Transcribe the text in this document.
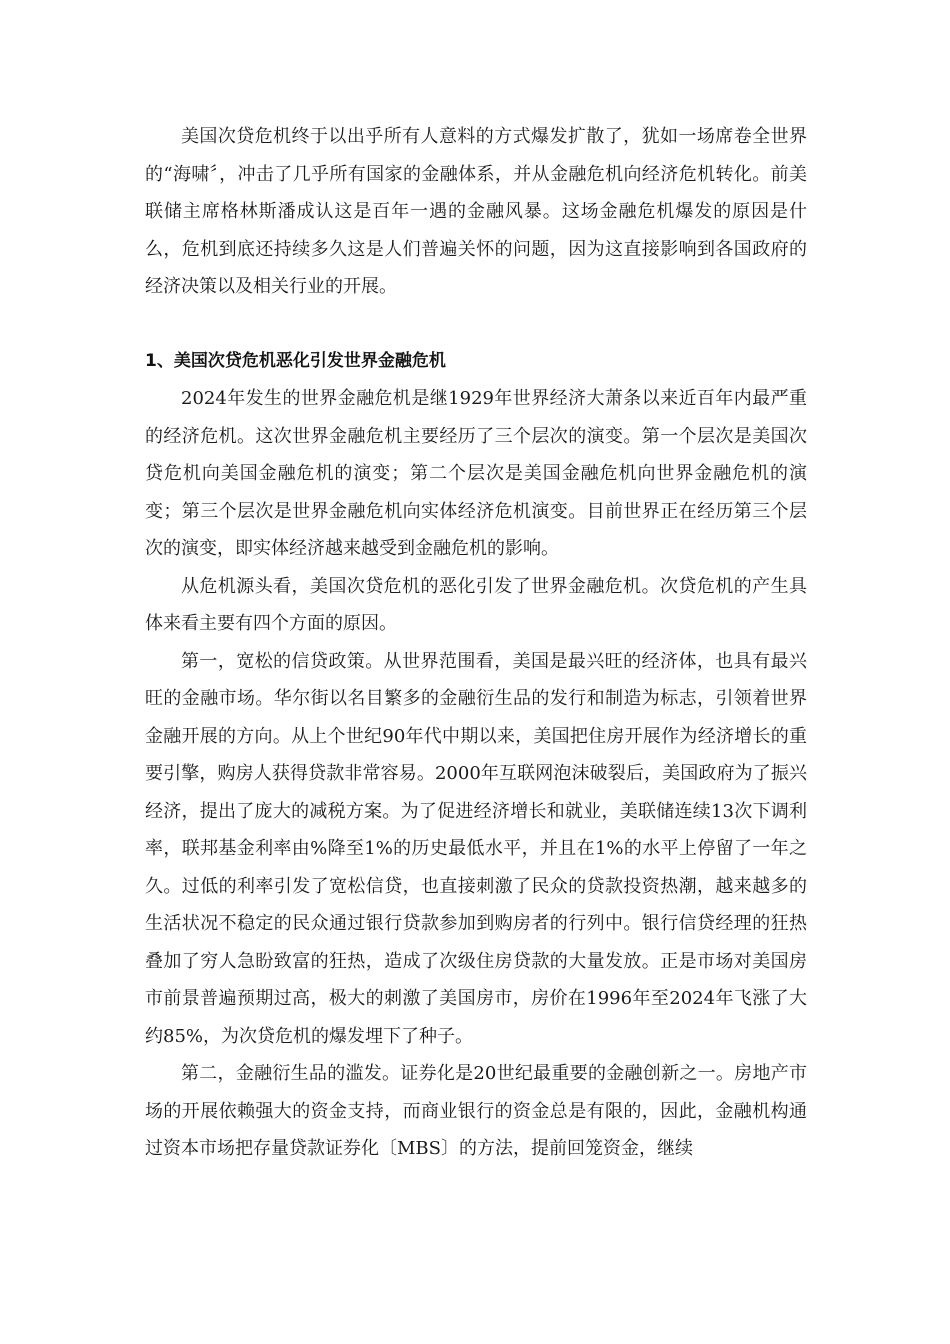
美国次贷危机终于以出乎所有人意料的方式爆发扩散了，犹如一场席卷全世界的“海啸〞，冲击了几乎所有国家的金融体系，并从金融危机向经济危机转化。前美联储主席格林斯潘成认这是百年一遇的金融风暴。这场金融危机爆发的原因是什么，危机到底还持续多久这是人们普遍关怀的问题，因为这直接影响到各国政府的经济决策以及相关行业的开展。

1、美国次贷危机恶化引发世界金融危机

2024年发生的世界金融危机是继1929年世界经济大萧条以来近百年内最严重的经济危机。这次世界金融危机主要经历了三个层次的演变。第一个层次是美国次贷危机向美国金融危机的演变；第二个层次是美国金融危机向世界金融危机的演变；第三个层次是世界金融危机向实体经济危机演变。目前世界正在经历第三个层次的演变，即实体经济越来越受到金融危机的影响。

从危机源头看，美国次贷危机的恶化引发了世界金融危机。次贷危机的产生具体来看主要有四个方面的原因。

第一，宽松的信贷政策。从世界范围看，美国是最兴旺的经济体，也具有最兴旺的金融市场。华尔街以名目繁多的金融衍生品的发行和制造为标志，引领着世界金融开展的方向。从上个世纪90年代中期以来，美国把住房开展作为经济增长的重要引擎，购房人获得贷款非常容易。2000年互联网泡沫破裂后，美国政府为了振兴经济，提出了庞大的减税方案。为了促进经济增长和就业，美联储连续13次下调利率，联邦基金利率由%降至1%的历史最低水平，并且在1%的水平上停留了一年之久。过低的利率引发了宽松信贷，也直接刺激了民众的贷款投资热潮，越来越多的生活状况不稳定的民众通过银行贷款参加到购房者的行列中。银行信贷经理的狂热叠加了穷人急盼致富的狂热，造成了次级住房贷款的大量发放。正是市场对美国房市前景普遍预期过高，极大的刺激了美国房市，房价在1996年至2024年飞涨了大约85%，为次贷危机的爆发埋下了种子。

第二，金融衍生品的滥发。证券化是20世纪最重要的金融创新之一。房地产市场的开展依赖强大的资金支持，而商业银行的资金总是有限的，因此，金融机构通过资本市场把存量贷款证券化〔MBS〕的方法，提前回笼资金，继续
